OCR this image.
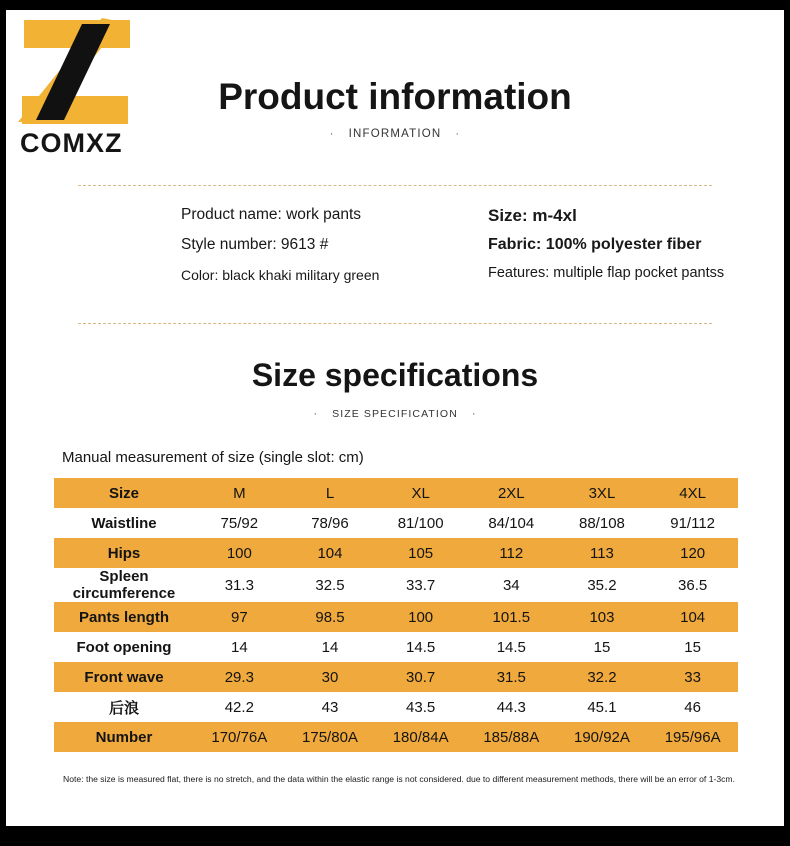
COMXZ
Product information
· INFORMATION ·
Product name: work pants
Style number: 9613 #
Color: black khaki military green
Size: m-4xl
Fabric: 100% polyester fiber
Features: multiple flap pocket pantss
Size specifications
· SIZE SPECIFICATION ·
Manual measurement of size (single slot: cm)
Size	M	L	XL	2XL	3XL	4XL
Waistline	75/92	78/96	81/100	84/104	88/108	91/112
Hips	100	104	105	112	113	120
Spleen circumference	31.3	32.5	33.7	34	35.2	36.5
Pants length	97	98.5	100	101.5	103	104
Foot opening	14	14	14.5	14.5	15	15
Front wave	29.3	30	30.7	31.5	32.2	33
后浪	42.2	43	43.5	44.3	45.1	46
Number	170/76A	175/80A	180/84A	185/88A	190/92A	195/96A
Note: the size is measured flat, there is no stretch, and the data within the elastic range is not considered. due to different measurement methods, there will be an error of 1-3cm.
